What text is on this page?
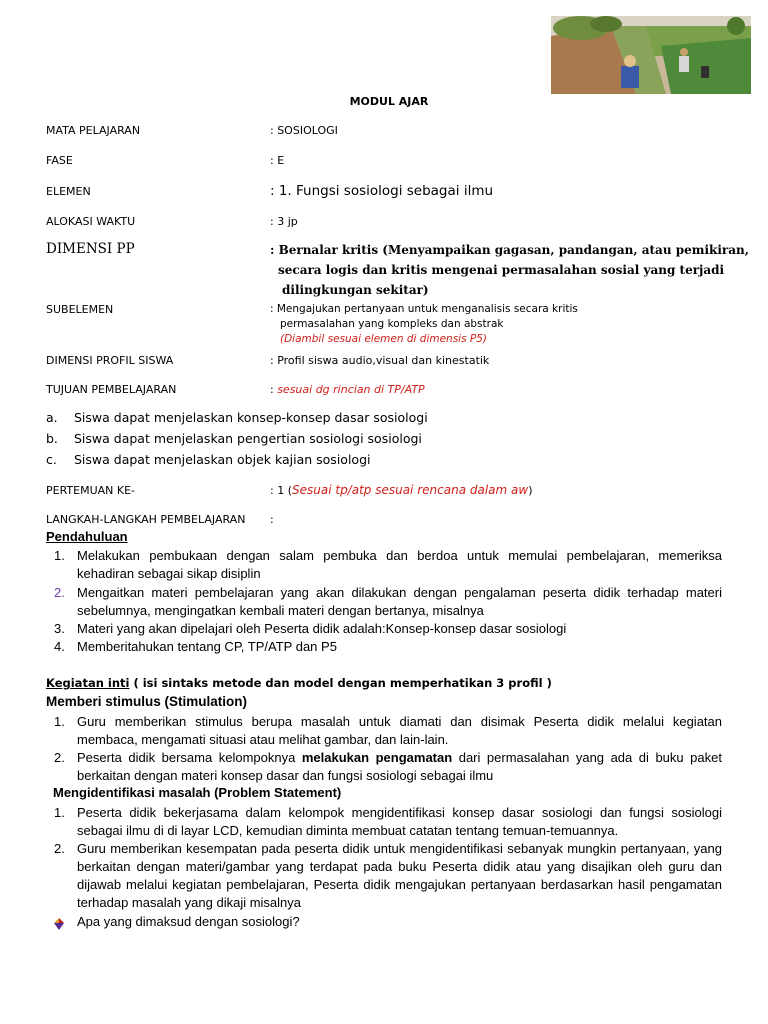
MODUL AJAR
MATA PELAJARAN	: SOSIOLOGI
FASE	: E
ELEMEN	: 1. Fungsi sosiologi sebagai ilmu
ALOKASI WAKTU	: 3 jp
DIMENSI PP	: Bernalar kritis (Menyampaikan gagasan, pandangan, atau pemikiran,
secara logis dan kritis mengenai permasalahan sosial yang terjadi
dilingkungan sekitar)
SUBELEMEN	: Mengajukan pertanyaan untuk menganalisis secara kritis
permasalahan yang kompleks dan abstrak
(Diambil sesuai elemen di dimensis P5)
DIMENSI PROFIL SISWA	: Profil siswa audio,visual dan kinestatik
TUJUAN PEMBELAJARAN	: sesuai dg rincian di TP/ATP
a. Siswa dapat menjelaskan konsep-konsep dasar sosiologi
b. Siswa dapat menjelaskan pengertian sosiologi sosiologi
c. Siswa dapat menjelaskan objek kajian sosiologi
PERTEMUAN KE-	: 1 (Sesuai tp/atp sesuai rencana dalam aw)
LANGKAH-LANGKAH PEMBELAJARAN :
Pendahuluan
1. Melakukan pembukaan dengan salam pembuka dan berdoa untuk memulai pembelajaran, memeriksa kehadiran sebagai sikap disiplin
2. Mengaitkan materi pembelajaran yang akan dilakukan dengan pengalaman peserta didik terhadap materi sebelumnya, mengingatkan kembali materi dengan bertanya, misalnya
3. Materi yang akan dipelajari oleh Peserta didik adalah:Konsep-konsep dasar sosiologi
4. Memberitahukan tentang CP, TP/ATP dan P5
Kegiatan inti ( isi sintaks metode dan model dengan memperhatikan 3 profil )
Memberi stimulus (Stimulation)
1. Guru memberikan stimulus berupa masalah untuk diamati dan disimak Peserta didik melalui kegiatan membaca, mengamati situasi atau melihat gambar, dan lain-lain.
2. Peserta didik bersama kelompoknya melakukan pengamatan dari permasalahan yang ada di buku paket berkaitan dengan materi konsep dasar dan fungsi sosiologi sebagai ilmu
Mengidentifikasi masalah (Problem Statement)
1. Peserta didik bekerjasama dalam kelompok mengidentifikasi konsep dasar sosiologi dan fungsi sosiologi sebagai ilmu di di layar LCD, kemudian diminta membuat catatan tentang temuan-temuannya.
2. Guru memberikan kesempatan pada peserta didik untuk mengidentifikasi sebanyak mungkin pertanyaan, yang berkaitan dengan materi/gambar yang terdapat pada buku Peserta didik atau yang disajikan oleh guru dan dijawab melalui kegiatan pembelajaran, Peserta didik mengajukan pertanyaan berdasarkan hasil pengamatan terhadap masalah yang dikaji misalnya
Apa yang dimaksud dengan sosiologi?
